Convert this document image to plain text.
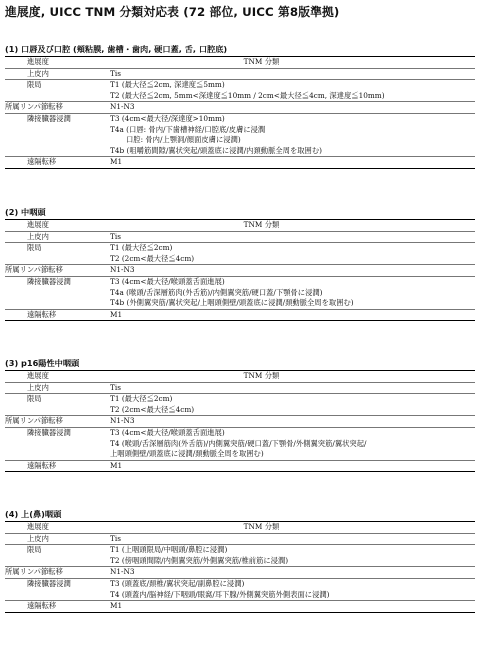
進展度, UICC TNM 分類対応表 (72 部位, UICC 第8版準拠)
(1) 口唇及び口腔 (頬粘膜, 歯槽・歯肉, 硬口蓋, 舌, 口腔底)
進展度	TNM 分類
上皮内	Tis
限局	T1 (最大径≦2cm, 深達度≦5mm)
T2 (最大径≦2cm, 5mm<深達度≦10mm / 2cm<最大径≦4cm, 深達度≦10mm)
所属リンパ節転移	N1-N3
隣接臓器浸潤	T3 (4cm<最大径/深達度>10mm)
T4a (口唇: 骨内/下歯槽神経/口腔底/皮膚に浸潤
口腔: 骨内/上顎洞/顔面皮膚に浸潤)
T4b (咀嚼筋間隙/翼状突起/頭蓋底に浸潤/内頚動脈全周を取囲む)
遠隔転移	M1
(2) 中咽頭
進展度	TNM 分類
上皮内	Tis
限局	T1 (最大径≦2cm)
T2 (2cm<最大径≦4cm)
所属リンパ節転移	N1-N3
隣接臓器浸潤	T3 (4cm<最大径/喉頭蓋舌面進展)
T4a (喉頭/舌深層筋肉(外舌筋)/内側翼突筋/硬口蓋/下顎骨に浸潤)
T4b (外側翼突筋/翼状突起/上咽頭側壁/頭蓋底に浸潤/頚動脈全周を取囲む)
遠隔転移	M1
(3) p16陽性中咽頭
進展度	TNM 分類
上皮内	Tis
限局	T1 (最大径≦2cm)
T2 (2cm<最大径≦4cm)
所属リンパ節転移	N1-N3
隣接臓器浸潤	T3 (4cm<最大径/喉頭蓋舌面進展)
T4 (喉頭/舌深層筋肉(外舌筋)/内側翼突筋/硬口蓋/下顎骨/外側翼突筋/翼状突起/
上咽頭側壁/頭蓋底に浸潤/頚動脈全周を取囲む)
遠隔転移	M1
(4) 上(鼻)咽頭
進展度	TNM 分類
上皮内	Tis
限局	T1 (上咽頭限局/中咽頭/鼻腔に浸潤)
T2 (傍咽頭間隙/内側翼突筋/外側翼突筋/椎前筋に浸潤)
所属リンパ節転移	N1-N3
隣接臓器浸潤	T3 (頭蓋底/頚椎/翼状突起/副鼻腔に浸潤)
T4 (頭蓋内/脳神経/下咽頭/眼窩/耳下腺/外側翼突筋外側表面に浸潤)
遠隔転移	M1
